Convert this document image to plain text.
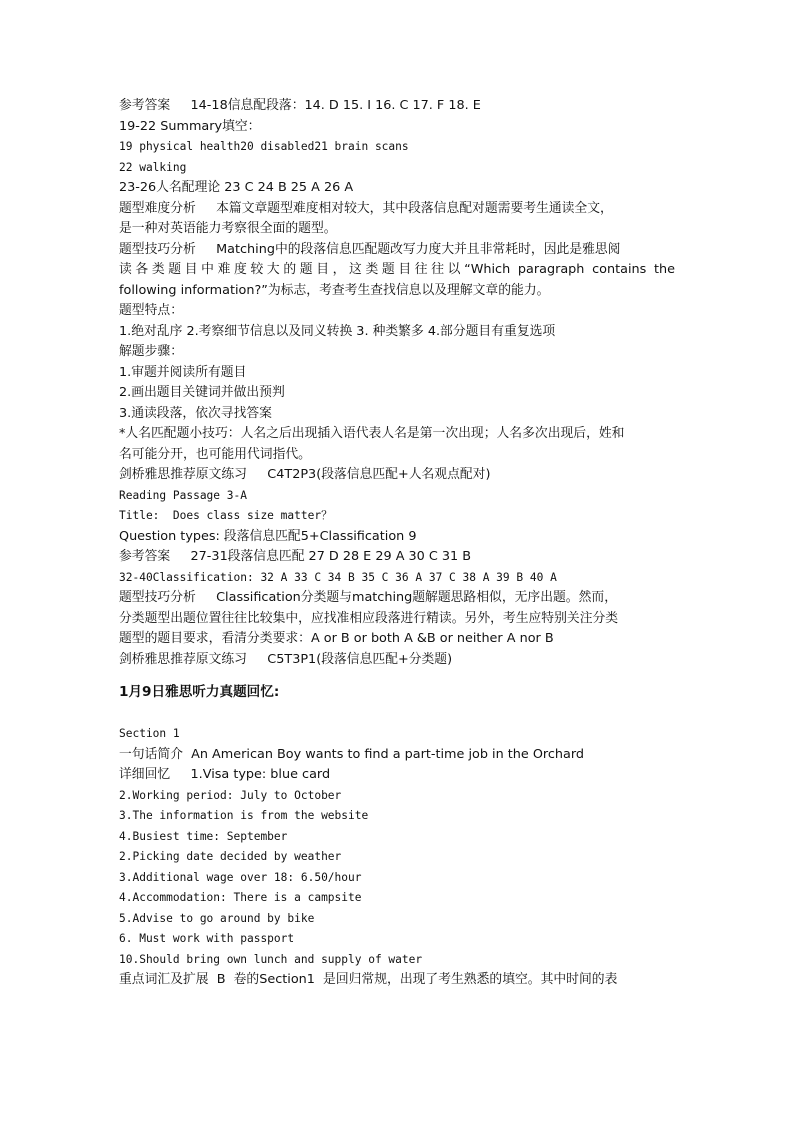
参考答案     14-18信息配段落：14. D 15. I 16. C 17. F 18. E

19-22 Summary填空：

19 physical health20 disabled21 brain scans

22 walking

23-26人名配理论 23 C 24 B 25 A 26 A

题型难度分析     本篇文章题型难度相对较大，其中段落信息配对题需要考生通读全文，

是一种对英语能力考察很全面的题型。

题型技巧分析     Matching中的段落信息匹配题改写力度大并且非常耗时，因此是雅思阅

读各类题目中难度较大的题目，这类题目往往以“Which paragraph contains the

following information?”为标志，考查考生查找信息以及理解文章的能力。

题型特点：

1.绝对乱序 2.考察细节信息以及同义转换 3. 种类繁多 4.部分题目有重复选项

解题步骤：

1.审题并阅读所有题目

2.画出题目关键词并做出预判

3.通读段落，依次寻找答案

*人名匹配题小技巧：人名之后出现插入语代表人名是第一次出现；人名多次出现后，姓和

名可能分开，也可能用代词指代。

剑桥雅思推荐原文练习     C4T2P3(段落信息匹配+人名观点配对)

Reading Passage 3-A

Title:  Does class size matter？

Question types: 段落信息匹配5+Classification 9

参考答案     27-31段落信息匹配 27 D 28 E 29 A 30 C 31 B

32-40Classification: 32 A 33 C 34 B 35 C 36 A 37 C 38 A 39 B 40 A

题型技巧分析     Classification分类题与matching题解题思路相似，无序出题。然而，

分类题型出题位置往往比较集中，应找准相应段落进行精读。另外，考生应特别关注分类

题型的题目要求，看清分类要求：A or B or both A &B or neither A nor B

剑桥雅思推荐原文练习     C5T3P1(段落信息匹配+分类题)

1月9日雅思听力真题回忆:

Section 1

一句话简介  An American Boy wants to find a part-time job in the Orchard

详细回忆     1.Visa type: blue card

2.Working period: July to October

3.The information is from the website

4.Busiest time: September

2.Picking date decided by weather

3.Additional wage over 18: 6.50/hour

4.Accommodation: There is a campsite

5.Advise to go around by bike

6. Must work with passport

10.Should bring own lunch and supply of water

重点词汇及扩展  B  卷的Section1  是回归常规，出现了考生熟悉的填空。其中时间的表
